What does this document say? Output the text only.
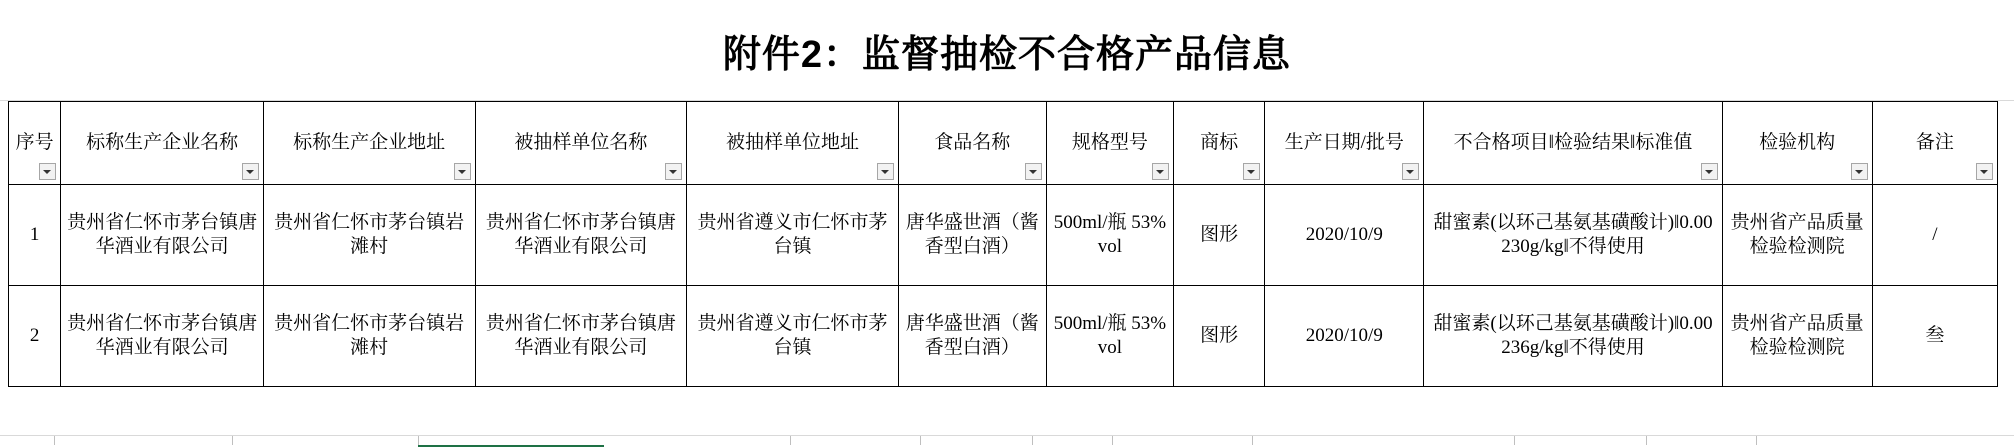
附件2：监督抽检不合格产品信息
序号	标称生产企业名称	标称生产企业地址	被抽样单位名称	被抽样单位地址	食品名称	规格型号	商标	生产日期/批号	不合格项目‖检验结果‖标准值	检验机构	备注

1	贵州省仁怀市茅台镇唐华酒业有限公司	贵州省仁怀市茅台镇岩滩村	贵州省仁怀市茅台镇唐华酒业有限公司	贵州省遵义市仁怀市茅台镇	唐华盛世酒（酱香型白酒）	500ml/瓶 53%vol	图形	2020/10/9	甜蜜素(以环己基氨基磺酸计)‖0.00230g/kg‖不得使用	贵州省产品质量检验检测院	/
2	贵州省仁怀市茅台镇唐华酒业有限公司	贵州省仁怀市茅台镇岩滩村	贵州省仁怀市茅台镇唐华酒业有限公司	贵州省遵义市仁怀市茅台镇	唐华盛世酒（酱香型白酒）	500ml/瓶 53%vol	图形	2020/10/9	甜蜜素(以环己基氨基磺酸计)‖0.00236g/kg‖不得使用	贵州省产品质量检验检测院	叁
